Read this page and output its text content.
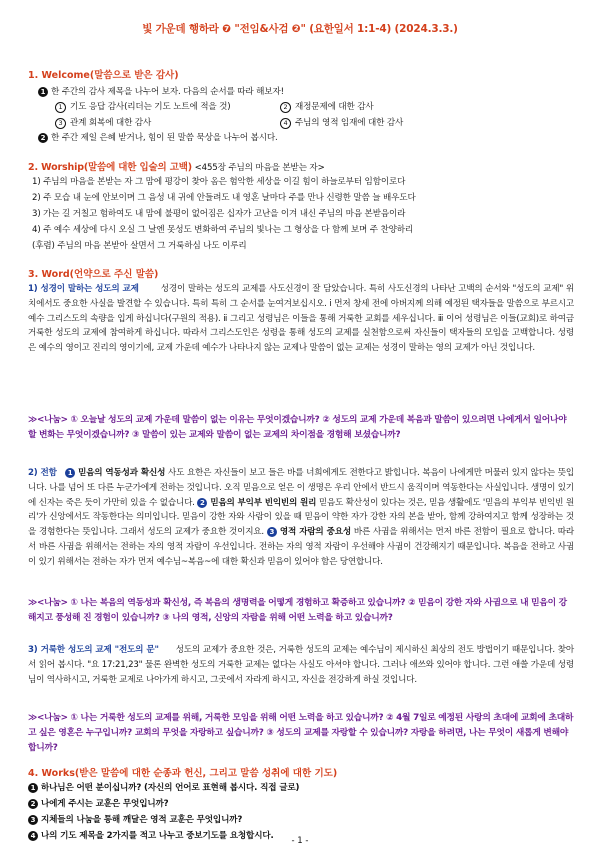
빛 가운데 행하라 ❼ "전임&사검 ❷" (요한일서 1:1-4) (2024.3.3.)
1. Welcome(말씀으로 받은 감사)
1 한 주간의 감사 제목을 나누어 보자. 다음의 순서를 따라 해보자!
1 기도 응답 감사(리더는 기도 노트에 적을 것)	2 재정문제에 대한 감사
3 관계 회복에 대한 감사	4 주님의 영적 임재에 대한 감사
2 한 주간 제일 은혜 받거나, 힘이 된 말씀 묵상을 나누어 봅시다.
2. Worship(말씀에 대한 입술의 고백) <455장 주님의 마음을 본받는 자>
1) 주님의 마음을 본받는 자 그 맘에 평강이 찾아 옴은 험악한 세상을 이길 힘이 하늘로부터 임함이로다
2) 주 모습 내 눈에 안보이며 그 음성 내 귀에 안들려도 내 영혼 날마다 주를 만나 신령한 말씀 늘 배우도다
3) 가는 길 거칠고 험하여도 내 맘에 불평이 없어짐은 십자가 고난을 이겨 내신 주님의 마음 본받음이라
4) 주 예수 세상에 다시 오실 그 날엔 못성도 변화하여 주님의 빛나는 그 형상을 다 함께 보며 주 찬양하리
(후렴) 주님의 마음 본받아 살면서 그 거룩하심 나도 이루리
3. Word(언약으로 주신 말씀)
1) 성경이 말하는 성도의 교제	성경이 말하는 성도의 교제를 사도신경이 잘 담았습니다. 특히 사도신경의 나타난 고백의 순서와 "성도의 교제" 위치에서도 중요한 사실을 발견할 수 있습니다. 특히 특히 그 순서를 눈여겨보십시오. ⅰ 먼저 창세 전에 아버지께 의해 예정된 택자들을 말씀으로 부르시고 예수 그리스도의 속량을 입게 하십니다(구원의 적용). ⅱ 그리고 성령님은 이들을 통해 거룩한 교회를 세우십니다. ⅲ 이어 성령님은 이들(교회)로 하여금 거룩한 성도의 교제에 참여하게 하십니다. 따라서 그리스도인은 성령을 통해 성도의 교제를 실천함으로써 자신들이 택자들의 모임을 고백합니다. 성령은 예수의 영이고 진리의 영이기에, 교제 가운데 예수가 나타나지 않는 교제나 말씀이 없는 교제는 성경이 말하는 영의 교제가 아닌 것입니다.
≫<나눔> ① 오늘날 성도의 교제 가운데 말씀이 없는 이유는 무엇이겠습니까? ② 성도의 교제 가운데 복음과 말씀이 있으려면 나에게서 일어나야 할 변화는 무엇이겠습니까? ③ 말씀이 있는 교제와 말씀이 없는 교제의 차이점을 경험해 보셨습니까?
2) 전함 1 믿음의 역동성과 확신성 사도 요한은 자신들이 보고 들은 바를 너희에게도 전한다고 밝힙니다. 복음이 나에게만 머물러 있지 않다는 뜻입니다. 나를 넘어 또 다른 누군가에게 전하는 것입니다. 오직 믿음으로 얻은 이 생명은 우리 안에서 반드시 움직이며 역동한다는 사실입니다. 생명이 있기에 신자는 죽은 듯이 가만히 있을 수 없습니다. 2 믿음의 부익부 빈익빈의 원리 믿음도 확산성이 있다는 것은, 믿음 생활에도 '믿음의 부익부 빈익빈 원리'가 신앙에서도 작동한다는 의미입니다. 믿음이 강한 자와 사람이 있을 때 믿음이 약한 자가 강한 자의 본을 받아, 함께 강하여지고 함께 성장하는 것을 경험한다는 뜻입니다. 그래서 성도의 교제가 중요한 것이지요. 3 영적 자람의 중요성 바른 사귐을 위해서는 먼저 바른 전함이 필요로 합니다. 따라서 바른 사귐을 위해서는 전하는 자의 영적 자람이 우선입니다. 전하는 자의 영적 자람이 우선해야 사귐이 건강해지기 때문입니다. 복음을 전하고 사귐이 있기 위해서는 전하는 자가 먼저 예수님~복음~에 대한 확신과 믿음이 있어야 함은 당연합니다.
≫<나눔> ① 나는 복음의 역동성과 확신성, 즉 복음의 생명력을 어떻게 경험하고 확증하고 있습니까? ② 믿음이 강한 자와 사귐으로 내 믿음이 강해지고 풍성해 진 경험이 있습니까? ③ 나의 영적, 신앙의 자람을 위해 어떤 노력을 하고 있습니까?
3) 거룩한 성도의 교제 "전도의 문" 성도의 교제가 중요한 것은, 거룩한 성도의 교제는 예수님이 제시하신 최상의 전도 방법이기 때문입니다. 찾아서 읽어 봅시다. "요 17:21,23" 물론 완벽한 성도의 거룩한 교제는 없다는 사실도 아셔야 합니다. 그러나 애쓰와 있어야 합니다. 그런 애쓸 가운데 성령님이 역사하시고, 거룩한 교제로 나아가게 하시고, 그곳에서 자라게 하시고, 자신을 전강하게 하실 것입니다.
≫<나눔> ① 나는 거룩한 성도의 교제를 위해, 거룩한 모임을 위해 어떤 노력을 하고 있습니까? ② 4월 7일로 예정된 사랑의 초대에 교회에 초대하고 싶은 영혼은 누구입니까? 교회의 무엇을 자랑하고 싶습니까? ③ 성도의 교제를 자랑할 수 있습니까? 자랑을 하려면, 나는 무엇이 새롭게 변해야 합니까?
4. Works(받은 말씀에 대한 순종과 헌신, 그리고 말씀 성취에 대한 기도)
1 하나님은 어떤 분이십니까? (자신의 언어로 표현해 봅시다. 직접 글로)
2 나에게 주시는 교훈은 무엇입니까?
3 지체들의 나눔을 통해 깨달은 영적 교훈은 무엇입니까?
4 나의 기도 제목을 2가지를 적고 나누고 중보기도를 요청합시다.	- 1 -
